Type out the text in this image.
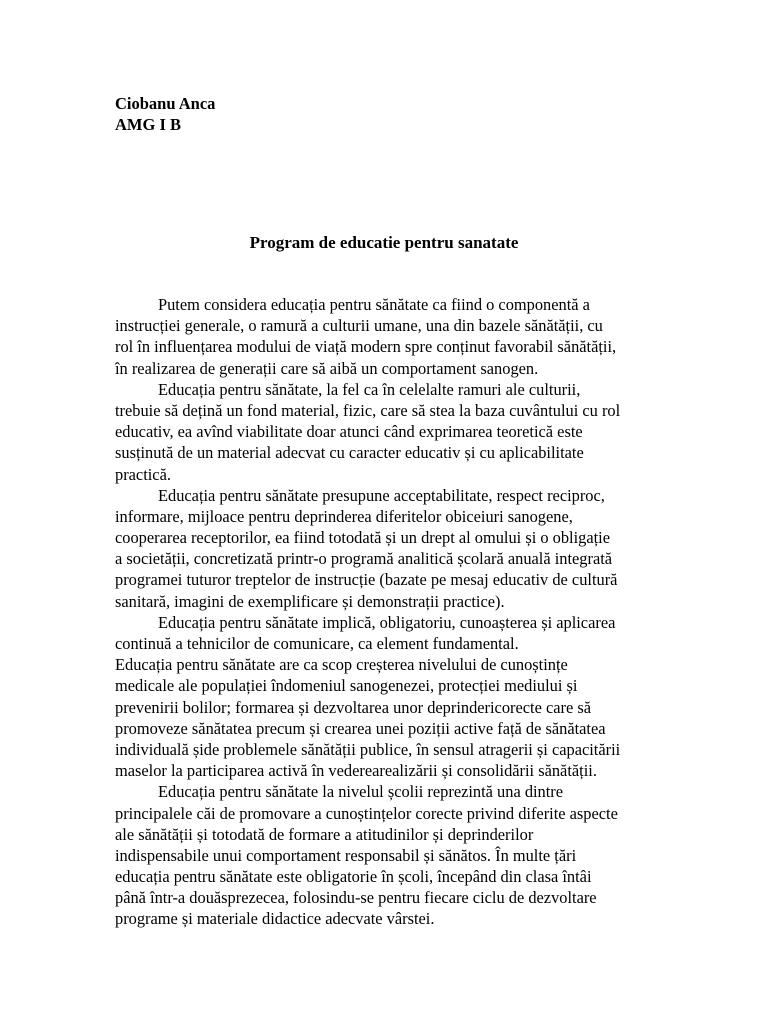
Ciobanu Anca
AMG I B
Program de educatie pentru sanatate
Putem considera educația pentru sănătate ca fiind o componentă a
instrucției generale, o ramură a culturii umane, una din bazele sănătății, cu
rol în influențarea modului de viață modern spre conținut favorabil sănătății,
în realizarea de generații care să aibă un comportament sanogen.
Educația pentru sănătate, la fel ca în celelalte ramuri ale culturii,
trebuie să dețină un fond material, fizic, care să stea la baza cuvântului cu rol
educativ, ea avînd viabilitate doar atunci când exprimarea teoretică este
susținută de un material adecvat cu caracter educativ și cu aplicabilitate
practică.
Educația pentru sănătate presupune acceptabilitate, respect reciproc,
informare, mijloace pentru deprinderea diferitelor obiceiuri sanogene,
cooperarea receptorilor, ea fiind totodată și un drept al omului și o obligație
a societății, concretizată printr-o programă analitică școlară anuală integrată
programei tuturor treptelor de instrucție (bazate pe mesaj educativ de cultură
sanitară, imagini de exemplificare și demonstrații practice).
Educația pentru sănătate implică, obligatoriu, cunoașterea și aplicarea
continuă a tehnicilor de comunicare, ca element fundamental.
Educația pentru sănătate are ca scop creșterea nivelului de cunoștințe
medicale ale populației îndomeniul sanogenezei, protecției mediului și
prevenirii bolilor; formarea și dezvoltarea unor deprindericorecte care să
promoveze sănătatea precum și crearea unei poziții active față de sănătatea
individuală șide problemele sănătății publice, în sensul atragerii și capacitării
maselor la participarea activă în vederearealizării și consolidării sănătății.
Educația pentru sănătate la nivelul școlii reprezintă una dintre
principalele căi de promovare a cunoștințelor corecte privind diferite aspecte
ale sănătății și totodată de formare a atitudinilor și deprinderilor
indispensabile unui comportament responsabil și sănătos. În multe țări
educația pentru sănătate este obligatorie în școli, începând din clasa întâi
până într-a douăsprezecea, folosindu-se pentru fiecare ciclu de dezvoltare
programe și materiale didactice adecvate vârstei.
